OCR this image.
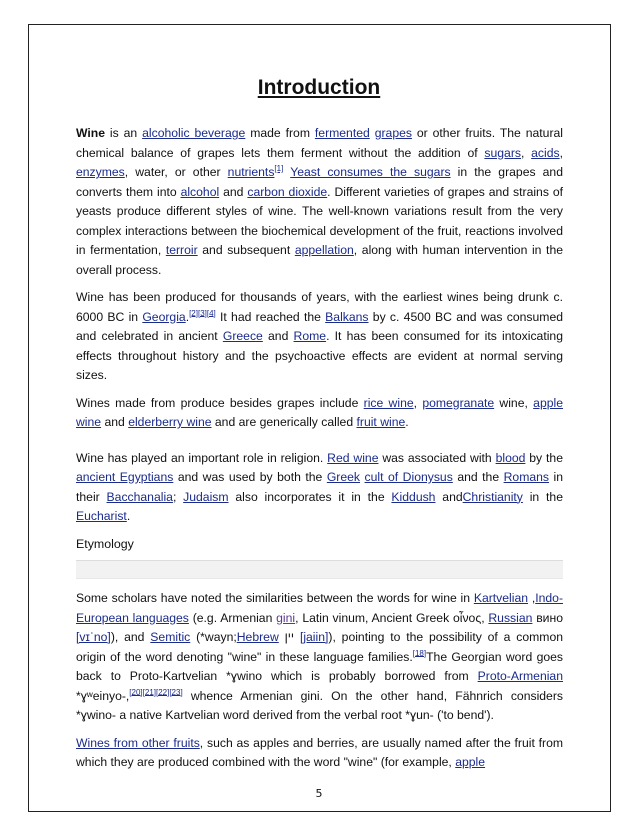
Introduction

Wine is an alcoholic beverage made from fermented grapes or other fruits. The natural chemical balance of grapes lets them ferment without the addition of sugars, acids, enzymes, water, or other nutrients[1] Yeast consumes the sugars in the grapes and converts them into alcohol and carbon dioxide. Different varieties of grapes and strains of yeasts produce different styles of wine. The well-known variations result from the very complex interactions between the biochemical development of the fruit, reactions involved in fermentation, terroir and subsequent appellation, along with human intervention in the overall process.

Wine has been produced for thousands of years, with the earliest wines being drunk c. 6000 BC in Georgia.[2][3][4] It had reached the Balkans by c. 4500 BC and was consumed and celebrated in ancient Greece and Rome. It has been consumed for its intoxicating effects throughout history and the psychoactive effects are evident at normal serving sizes.

Wines made from produce besides grapes include rice wine, pomegranate wine, apple wine and elderberry wine and are generically called fruit wine.

Wine has played an important role in religion. Red wine was associated with blood by the ancient Egyptians and was used by both the Greek cult of Dionysus and the Romans in their Bacchanalia; Judaism also incorporates it in the Kiddush andChristianity in the Eucharist.

Etymology

Some scholars have noted the similarities between the words for wine in Kartvelian ,Indo-European languages (e.g. Armenian gini, Latin vinum, Ancient Greek οἶνος, Russian вино [vɪˈno]), and Semitic (*wayn;Hebrew יין [jaiin]), pointing to the possibility of a common origin of the word denoting "wine" in these language families.[18]The Georgian word goes back to Proto-Kartvelian *ɣwino which is probably borrowed from Proto-Armenian *ɣʷeinyo-,[20][21][22][23] whence Armenian gini. On the other hand, Fähnrich considers *ɣwino- a native Kartvelian word derived from the verbal root *ɣun- ('to bend').

Wines from other fruits, such as apples and berries, are usually named after the fruit from which they are produced combined with the word "wine" (for example, apple

5
